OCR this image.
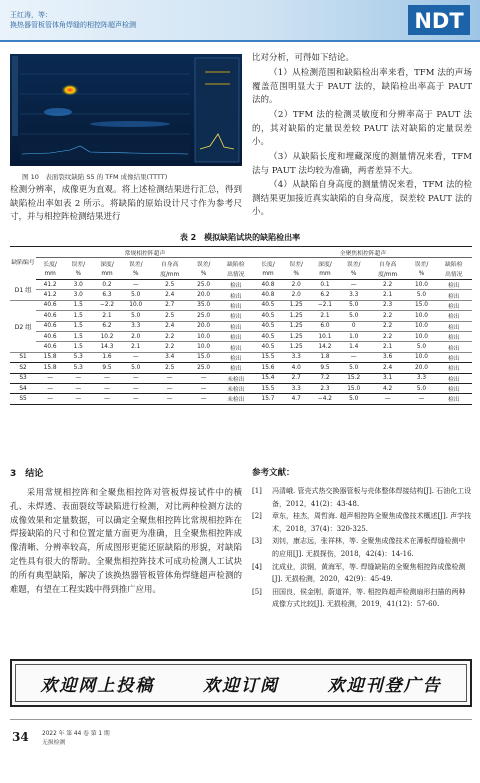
王红涛，等：
换热器管板管体角焊缝的相控阵超声检测	NDT
图 10　表面裂纹缺陷 S5 的 TFM 成像结果(TTTT)
检测分辨率，成像更为直观。将上述检测结果进行汇总，得到缺陷检出率如表 2 所示。将缺陷的原始设计尺寸作为参考尺寸，并与相控阵检测结果进行
比对分析，可得如下结论。
（1）从检测范围和缺陷检出率来看，TFM 法的声场覆盖范围明显大于 PAUT 法的，缺陷检出率高于 PAUT 法的。
（2）TFM 法的检测灵敏度和分辨率高于 PAUT 法的，其对缺陷的定量误差较 PAUT 法对缺陷的定量误差小。
（3）从缺陷长度和埋藏深度的测量情况来看，TFM 法与 PAUT 法均较为准确，两者差异不大。
（4）从缺陷自身高度的测量情况来看，TFM 法的检测结果更加接近真实缺陷的自身高度，误差较 PAUT 法的小。
表 2　模拟缺陷试块的缺陷检出率
缺陷编号	常规相控阵超声							全聚焦相控阵超声						
	长度/	误差/	深度/	误差/	自身高	误差/	缺陷检	长度/	误差/	深度/	误差/	自身高	误差/	缺陷检
	mm	%	mm	%	度/mm	%	出情况	mm	%	mm	%	度/mm	%	出情况
D1 组	41.2	3.0	0.2	—	2.5	25.0	检出	40.8	2.0	0.1	—	2.2	10.0	检出
	41.2	3.0	6.3	5.0	2.4	20.0	检出	40.8	2.0	6.2	3.3	2.1	5.0	检出
D2 组	40.6	1.5	−2.2	10.0	2.7	35.0	检出	40.5	1.25	−2.1	5.0	2.3	15.0	检出
	40.6	1.5	2.1	5.0	2.5	25.0	检出	40.5	1.25	2.1	5.0	2.2	10.0	检出
	40.6	1.5	6.2	3.3	2.4	20.0	检出	40.5	1.25	6.0	0	2.2	10.0	检出
	40.6	1.5	10.2	2.0	2.2	10.0	检出	40.5	1.25	10.1	1.0	2.2	10.0	检出
	40.6	1.5	14.3	2.1	2.2	10.0	检出	40.5	1.25	14.2	1.4	2.1	5.0	检出
S1	15.8	5.3	1.6	—	3.4	15.0	检出	15.5	3.3	1.8	—	3.6	10.0	检出
S2	15.8	5.3	9.5	5.0	2.5	25.0	检出	15.6	4.0	9.5	5.0	2.4	20.0	检出
S3	—	—	—	—	—	—	未检出	15.4	2.7	7.2	15.2	3.1	3.3	检出
S4	—	—	—	—	—	—	未检出	15.5	3.3	2.3	15.0	4.2	5.0	检出
S5	—	—	—	—	—	—	未检出	15.7	4.7	−4.2	5.0	—	—	检出
3　结论
采用常规相控阵和全聚焦相控阵对管板焊接试件中的横孔、未焊透、表面裂纹等缺陷进行检测，对比两种检测方法的成像效果和定量数据，可以确定全聚焦相控阵比常规相控阵在焊接缺陷的尺寸和位置定量方面更为准确，且全聚焦相控阵成像清晰、分辨率较高，所成图形更能还原缺陷的形貌，对缺陷定性具有很大的帮助。全聚焦相控阵技术可成功检测人工试块的所有典型缺陷，解决了该换热器管板管体角焊缝超声检测的难题，有望在工程实践中得到推广应用。
参考文献：
[1]	冯清峨. 管壳式热交换器管板与壳体整体焊接结构[J]. 石油化工设备，2012，41(2)：43-48.
[2]	章东，桂杰，周哲海. 超声相控阵全聚焦成像技术概述[J]. 声学技术，2018，37(4)：320-325.
[3]	刘钊，康志远，张祥林，等. 全聚焦成像技术在薄板焊缝检测中的应用[J]. 无损探伤，2018，42(4)：14-16.
[4]	沈成业，洪钢，黄海军，等. 焊缝缺陷的全聚焦相控阵成像检测[J]. 无损检测，2020，42(9)：45-49.
[5]	田国良，侯金刚，蔚道祥，等. 相控阵超声检测扇形扫描的两种成像方式比较[J]. 无损检测，2019，41(12)：57-60.
欢迎网上投稿	欢迎订阅	欢迎刊登广告
34 2022 年 第 44 卷 第 1 期
无损检测
